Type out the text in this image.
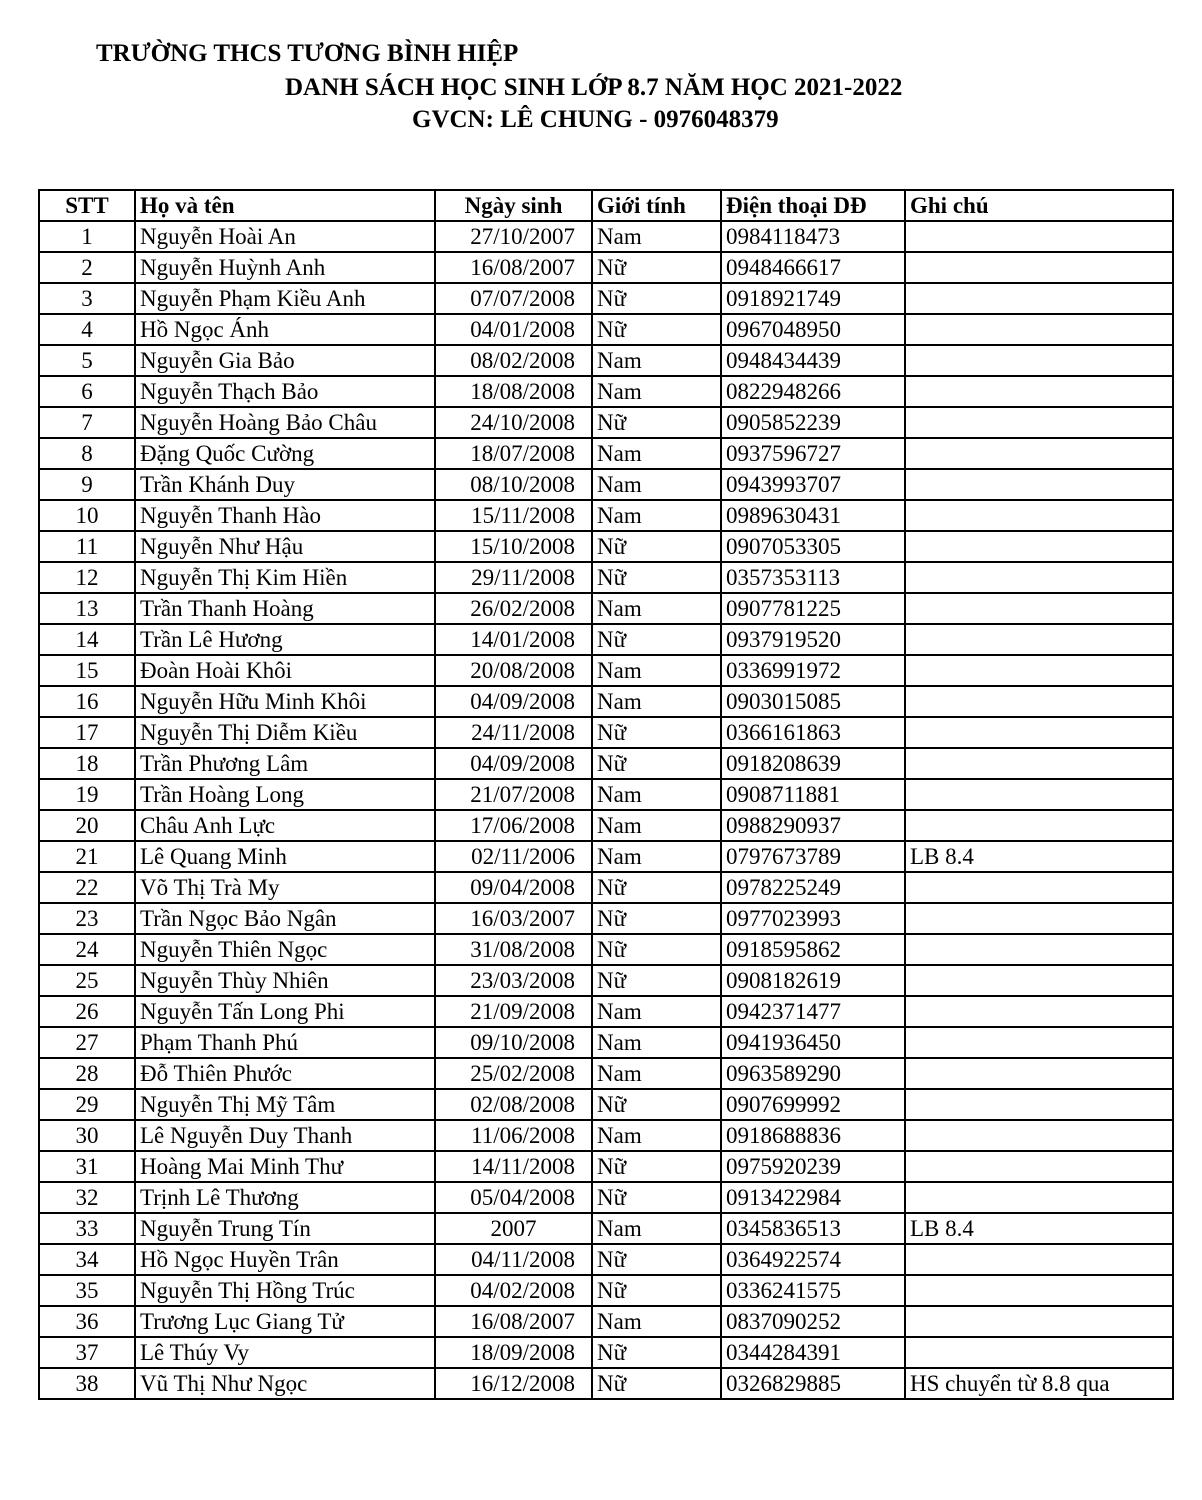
TRƯỜNG THCS TƯƠNG BÌNH HIỆP
DANH SÁCH HỌC SINH LỚP 8.7 NĂM HỌC 2021-2022
GVCN: LÊ CHUNG - 0976048379
STT	Họ và tên	Ngày sinh	Giới tính	Điện thoại DĐ	Ghi chú
1	Nguyễn Hoài An	27/10/2007	Nam	0984118473	
2	Nguyễn Huỳnh Anh	16/08/2007	Nữ	0948466617	
3	Nguyễn Phạm Kiều Anh	07/07/2008	Nữ	0918921749	
4	Hồ Ngọc Ánh	04/01/2008	Nữ	0967048950	
5	Nguyễn Gia Bảo	08/02/2008	Nam	0948434439	
6	Nguyễn Thạch Bảo	18/08/2008	Nam	0822948266	
7	Nguyễn Hoàng Bảo Châu	24/10/2008	Nữ	0905852239	
8	Đặng Quốc Cường	18/07/2008	Nam	0937596727	
9	Trần Khánh Duy	08/10/2008	Nam	0943993707	
10	Nguyễn Thanh Hào	15/11/2008	Nam	0989630431	
11	Nguyễn Như Hậu	15/10/2008	Nữ	0907053305	
12	Nguyễn Thị Kim Hiền	29/11/2008	Nữ	0357353113	
13	Trần Thanh Hoàng	26/02/2008	Nam	0907781225	
14	Trần Lê Hương	14/01/2008	Nữ	0937919520	
15	Đoàn Hoài Khôi	20/08/2008	Nam	0336991972	
16	Nguyễn Hữu Minh Khôi	04/09/2008	Nam	0903015085	
17	Nguyễn Thị Diễm Kiều	24/11/2008	Nữ	0366161863	
18	Trần Phương Lâm	04/09/2008	Nữ	0918208639	
19	Trần Hoàng Long	21/07/2008	Nam	0908711881	
20	Châu Anh Lực	17/06/2008	Nam	0988290937	
21	Lê Quang Minh	02/11/2006	Nam	0797673789	LB 8.4
22	Võ Thị Trà My	09/04/2008	Nữ	0978225249	
23	Trần Ngọc Bảo Ngân	16/03/2007	Nữ	0977023993	
24	Nguyễn Thiên Ngọc	31/08/2008	Nữ	0918595862	
25	Nguyễn Thùy Nhiên	23/03/2008	Nữ	0908182619	
26	Nguyễn Tấn Long Phi	21/09/2008	Nam	0942371477	
27	Phạm Thanh Phú	09/10/2008	Nam	0941936450	
28	Đỗ Thiên Phước	25/02/2008	Nam	0963589290	
29	Nguyễn Thị Mỹ Tâm	02/08/2008	Nữ	0907699992	
30	Lê Nguyễn Duy Thanh	11/06/2008	Nam	0918688836	
31	Hoàng Mai Minh Thư	14/11/2008	Nữ	0975920239	
32	Trịnh Lê Thương	05/04/2008	Nữ	0913422984	
33	Nguyễn Trung Tín	2007	Nam	0345836513	LB 8.4
34	Hồ Ngọc Huyền Trân	04/11/2008	Nữ	0364922574	
35	Nguyễn Thị Hồng Trúc	04/02/2008	Nữ	0336241575	
36	Trương Lục Giang Tử	16/08/2007	Nam	0837090252	
37	Lê Thúy Vy	18/09/2008	Nữ	0344284391	
38	Vũ Thị Như Ngọc	16/12/2008	Nữ	0326829885	HS chuyển từ 8.8 qua
